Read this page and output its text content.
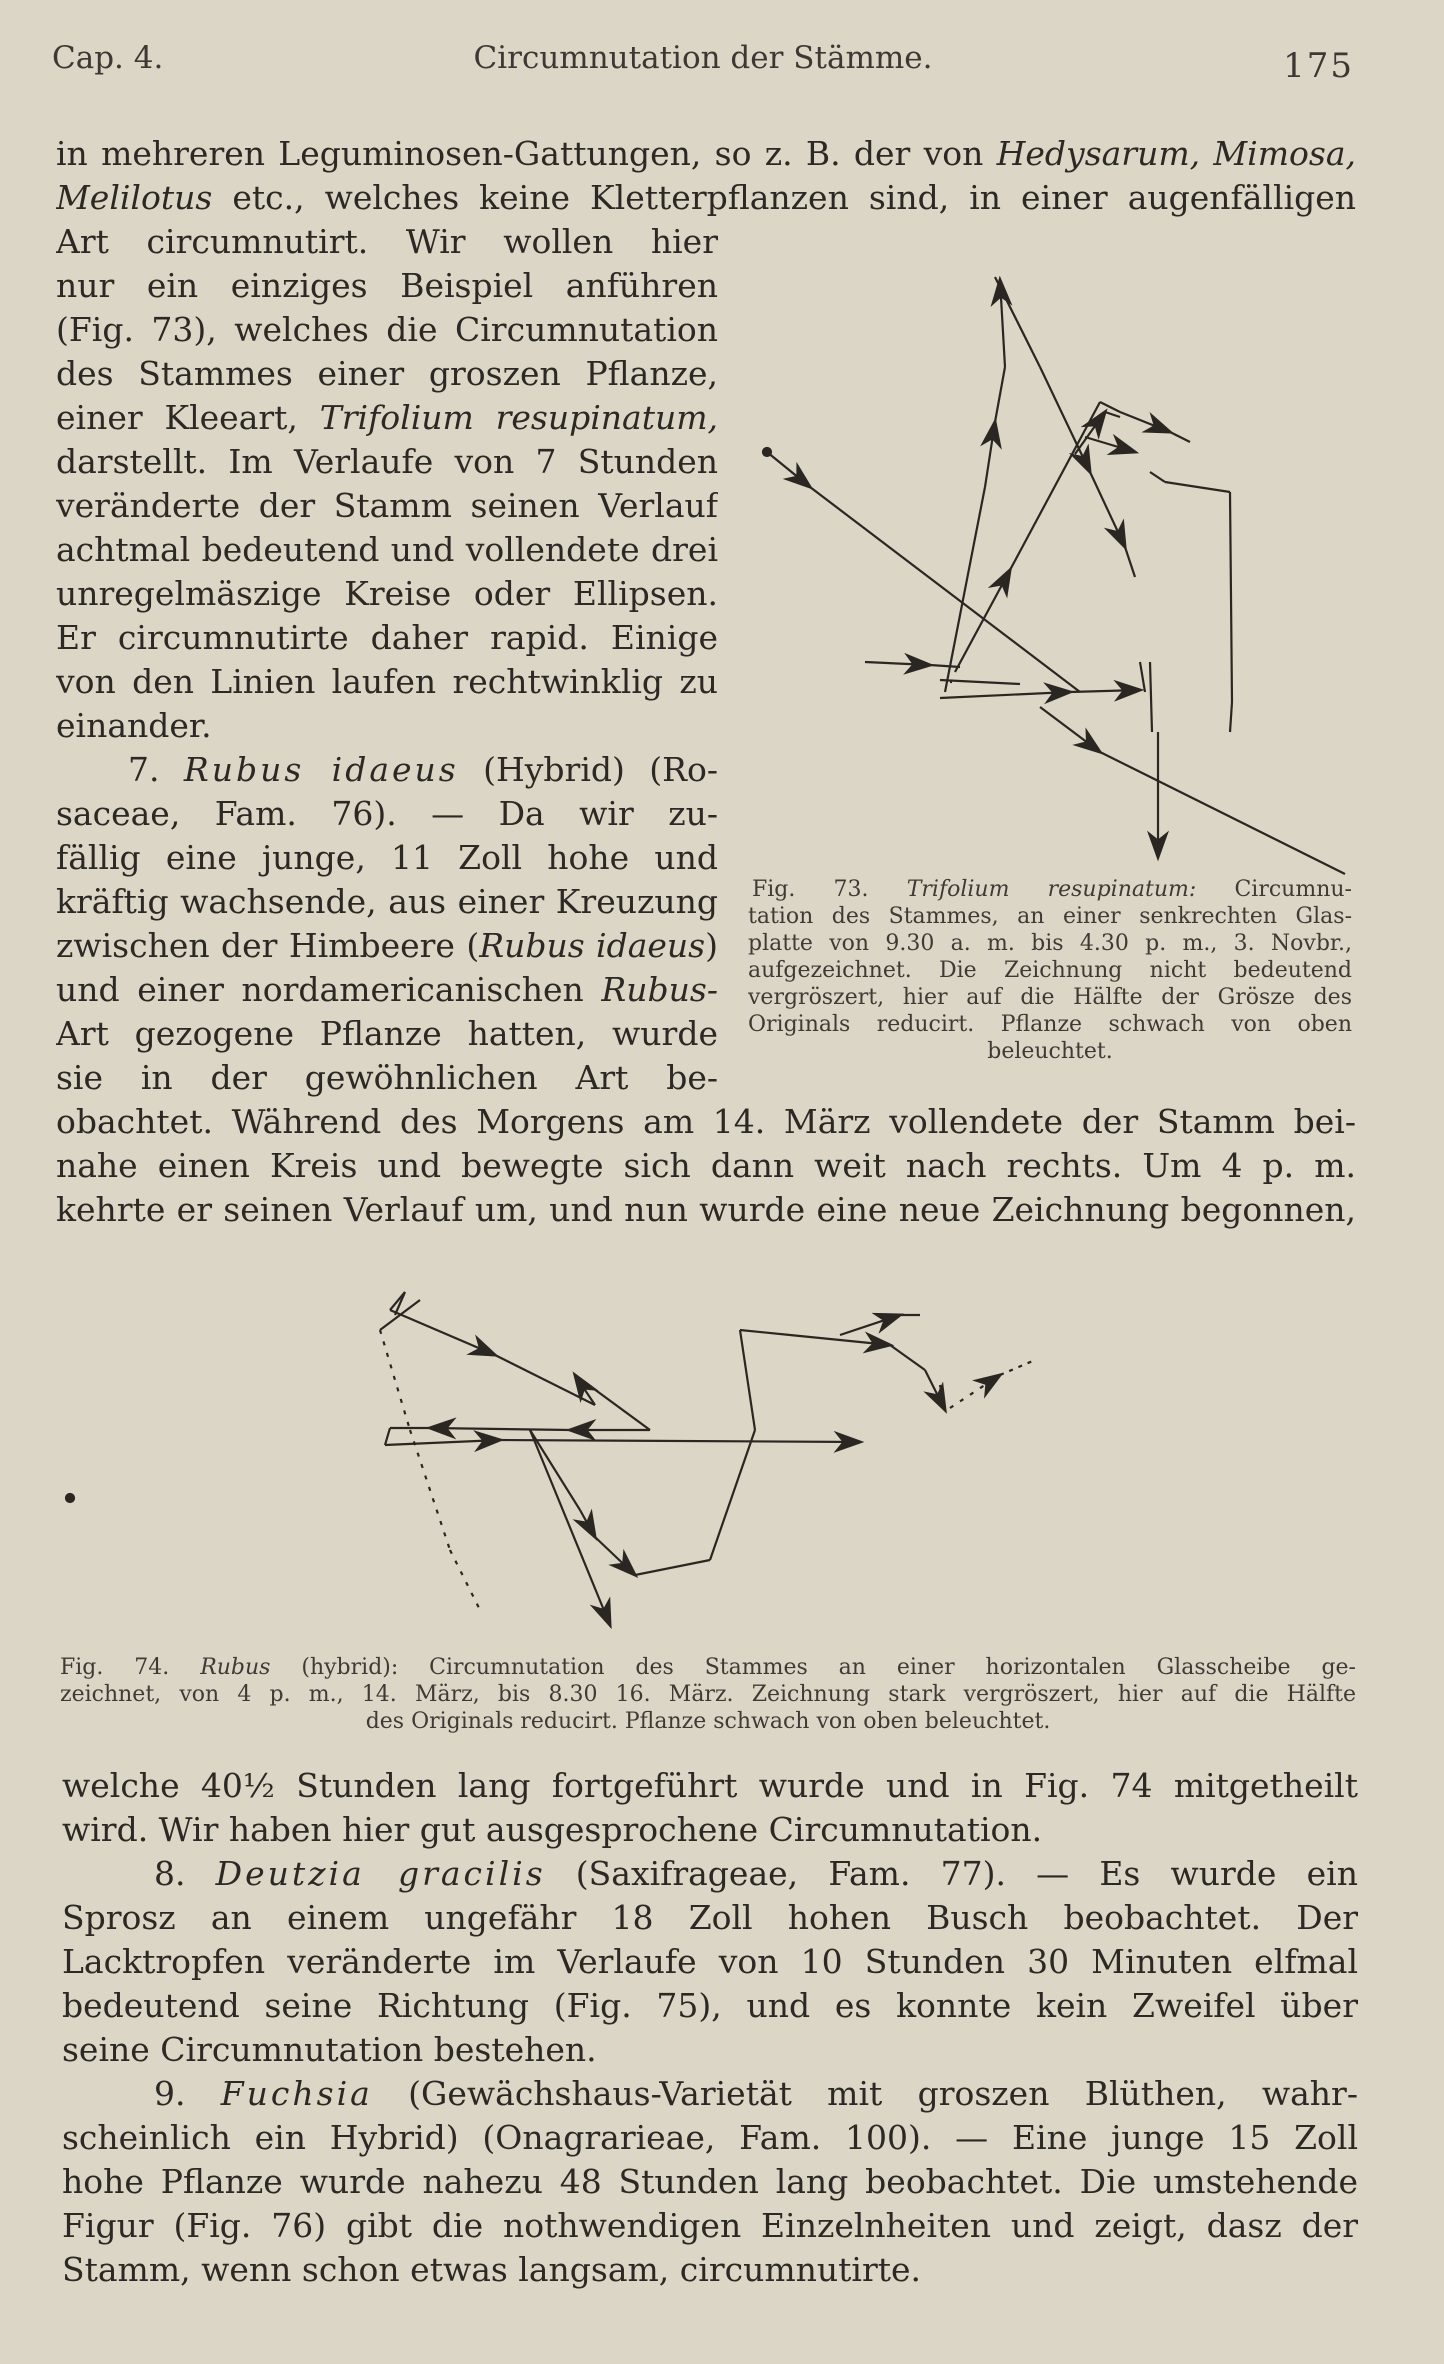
Cap. 4.	Circumnutation der Stämme.	175
in mehreren Leguminosen-Gattungen, so z. B. der von Hedysarum, Mimosa,
Melilotus etc., welches keine Kletterpflanzen sind, in einer augenfälligen
Art circumnutirt. Wir wollen hier
nur ein einziges Beispiel anführen
(Fig. 73), welches die Circumnutation
des Stammes einer groszen Pflanze,
einer Kleeart, Trifolium resupinatum,
darstellt. Im Verlaufe von 7 Stunden
veränderte der Stamm seinen Verlauf
achtmal bedeutend und vollendete drei
unregelmäszige Kreise oder Ellipsen.
Er circumnutirte daher rapid. Einige
von den Linien laufen rechtwinklig zu
einander.
7. Rubus idaeus (Hybrid) (Ro-
saceae, Fam. 76). — Da wir zu-
fällig eine junge, 11 Zoll hohe und
kräftig wachsende, aus einer Kreuzung
zwischen der Himbeere (Rubus idaeus)
und einer nordamericanischen Rubus-
Art gezogene Pflanze hatten, wurde
sie in der gewöhnlichen Art be-
obachtet. Während des Morgens am 14. März vollendete der Stamm bei-
nahe einen Kreis und bewegte sich dann weit nach rechts. Um 4 p. m.
kehrte er seinen Verlauf um, und nun wurde eine neue Zeichnung begonnen,
Fig. 73. Trifolium resupinatum: Circumnu-
tation des Stammes, an einer senkrechten Glas-
platte von 9.30 a. m. bis 4.30 p. m., 3. Novbr.,
aufgezeichnet. Die Zeichnung nicht bedeutend
vergröszert, hier auf die Hälfte der Grösze des
Originals reducirt. Pflanze schwach von oben
beleuchtet.
Fig. 74. Rubus (hybrid): Circumnutation des Stammes an einer horizontalen Glasscheibe ge-
zeichnet, von 4 p. m., 14. März, bis 8.30 16. März. Zeichnung stark vergröszert, hier auf die Hälfte
des Originals reducirt. Pflanze schwach von oben beleuchtet.
welche 40½ Stunden lang fortgeführt wurde und in Fig. 74 mitgetheilt
wird. Wir haben hier gut ausgesprochene Circumnutation.
8. Deutzia gracilis (Saxifrageae, Fam. 77). — Es wurde ein
Sprosz an einem ungefähr 18 Zoll hohen Busch beobachtet. Der
Lacktropfen veränderte im Verlaufe von 10 Stunden 30 Minuten elfmal
bedeutend seine Richtung (Fig. 75), und es konnte kein Zweifel über
seine Circumnutation bestehen.
9. Fuchsia (Gewächshaus-Varietät mit groszen Blüthen, wahr-
scheinlich ein Hybrid) (Onagrarieae, Fam. 100). — Eine junge 15 Zoll
hohe Pflanze wurde nahezu 48 Stunden lang beobachtet. Die umstehende
Figur (Fig. 76) gibt die nothwendigen Einzelnheiten und zeigt, dasz der
Stamm, wenn schon etwas langsam, circumnutirte.
